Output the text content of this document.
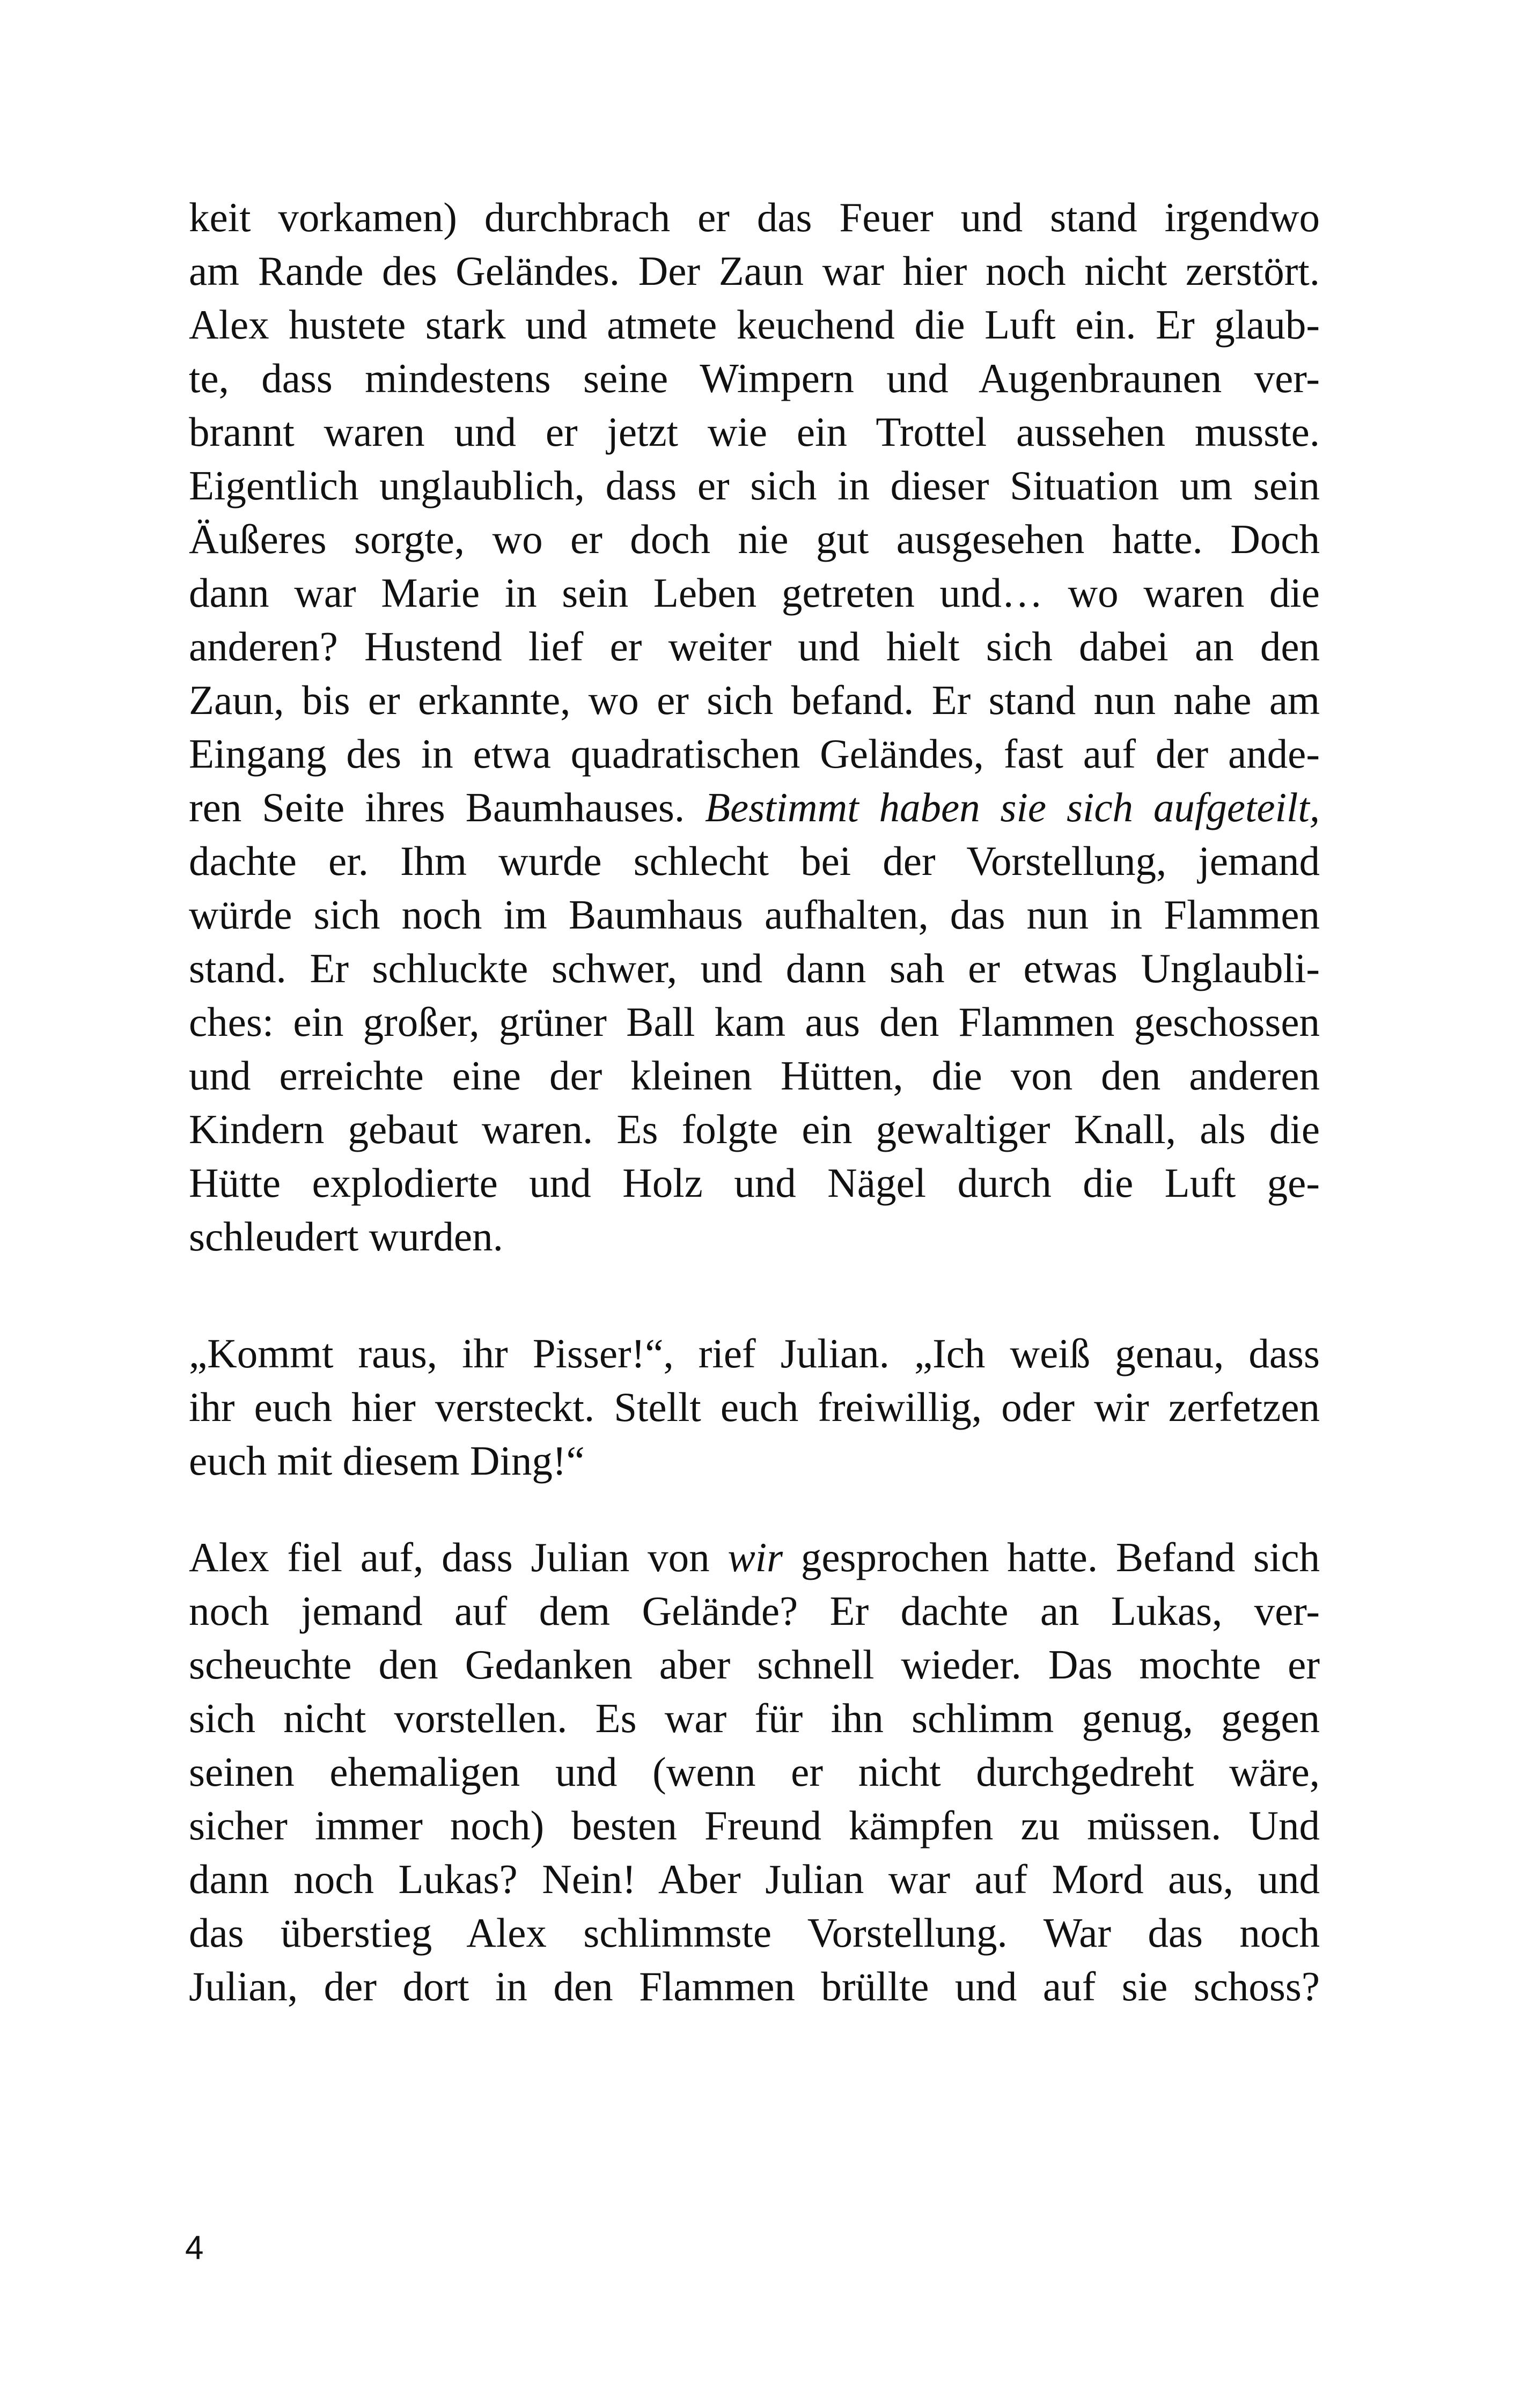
keit vorkamen) durchbrach er das Feuer und stand irgendwo
am Rande des Geländes. Der Zaun war hier noch nicht zerstört.
Alex hustete stark und atmete keuchend die Luft ein. Er glaub-
te, dass mindestens seine Wimpern und Augenbraunen ver-
brannt waren und er jetzt wie ein Trottel aussehen musste.
Eigentlich unglaublich, dass er sich in dieser Situation um sein
Äußeres sorgte, wo er doch nie gut ausgesehen hatte. Doch
dann war Marie in sein Leben getreten und… wo waren die
anderen? Hustend lief er weiter und hielt sich dabei an den
Zaun, bis er erkannte, wo er sich befand. Er stand nun nahe am
Eingang des in etwa quadratischen Geländes, fast auf der ande-
ren Seite ihres Baumhauses. Bestimmt haben sie sich aufgeteilt,
dachte er. Ihm wurde schlecht bei der Vorstellung, jemand
würde sich noch im Baumhaus aufhalten, das nun in Flammen
stand. Er schluckte schwer, und dann sah er etwas Unglaubli-
ches: ein großer, grüner Ball kam aus den Flammen geschossen
und erreichte eine der kleinen Hütten, die von den anderen
Kindern gebaut waren. Es folgte ein gewaltiger Knall, als die
Hütte explodierte und Holz und Nägel durch die Luft ge-
schleudert wurden.
„Kommt raus, ihr Pisser!“, rief Julian. „Ich weiß genau, dass
ihr euch hier versteckt. Stellt euch freiwillig, oder wir zerfetzen
euch mit diesem Ding!“
Alex fiel auf, dass Julian von wir gesprochen hatte. Befand sich
noch jemand auf dem Gelände? Er dachte an Lukas, ver-
scheuchte den Gedanken aber schnell wieder. Das mochte er
sich nicht vorstellen. Es war für ihn schlimm genug, gegen
seinen ehemaligen und (wenn er nicht durchgedreht wäre,
sicher immer noch) besten Freund kämpfen zu müssen. Und
dann noch Lukas? Nein! Aber Julian war auf Mord aus, und
das überstieg Alex schlimmste Vorstellung. War das noch
Julian, der dort in den Flammen brüllte und auf sie schoss?
4
